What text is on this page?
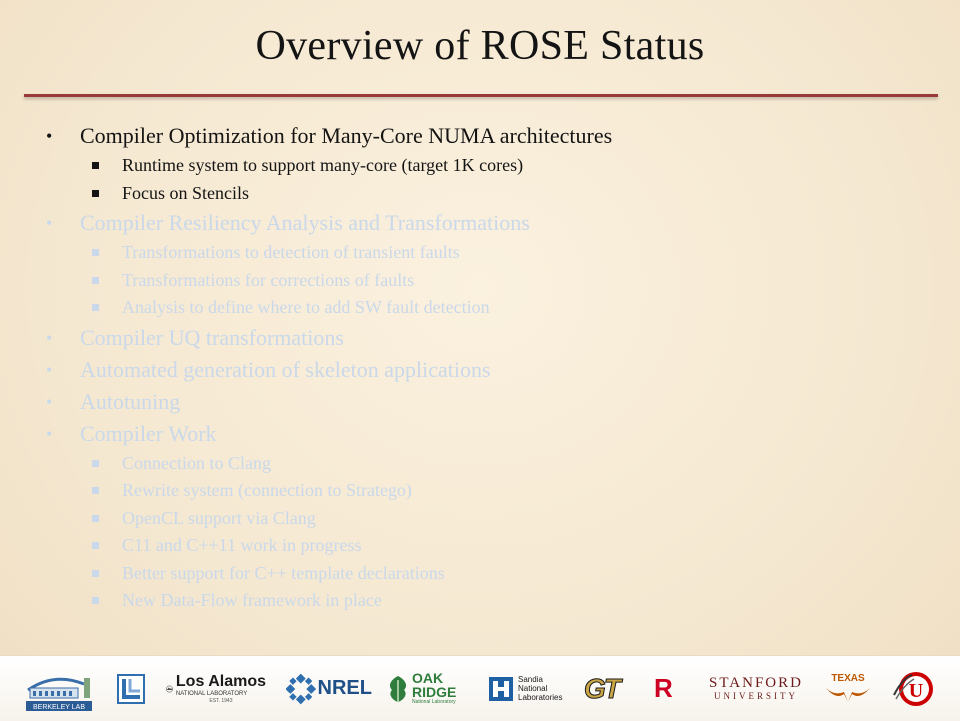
Overview of ROSE Status
•	Compiler Optimization for Many-Core NUMA architectures
Runtime system to support many-core (target 1K cores)
Focus on Stencils
•	Compiler Resiliency Analysis and Transformations
Transformations to detection of transient faults
Transformations for corrections of faults
Analysis to define where to add SW fault detection
•	Compiler UQ transformations
•	Automated generation of skeleton applications
•	Autotuning
•	Compiler Work
Connection to Clang
Rewrite system (connection to Stratego)
OpenCL support via Clang
C11 and C++11 work in progress
Better support for C++ template declarations
New Data-Flow framework in place
BERKELEY LAB
Los Alamos
NATIONAL LABORATORY
EST. 1943
NREL	OAK
RIDGE
National Laboratory
Sandia
National
Laboratories GT R STANFORD
UNIVERSITY
TEXAS
U
